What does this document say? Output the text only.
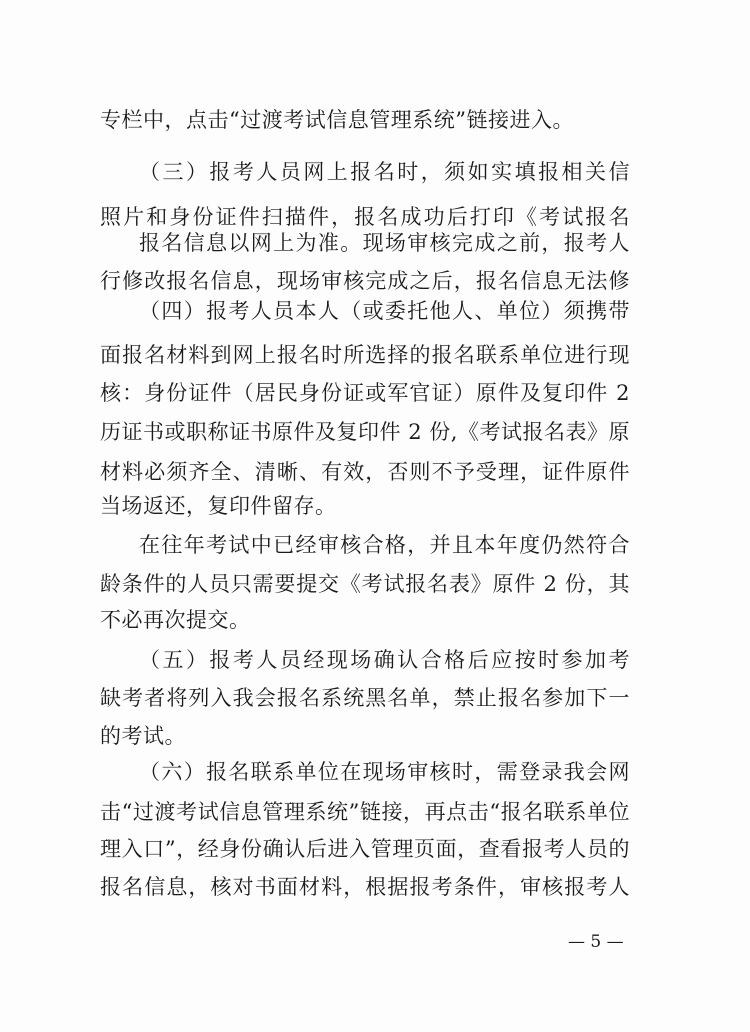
专栏中，点击“过渡考试信息管理系统”链接进入。
（三）报考人员网上报名时，须如实填报相关信
照片和身份证件扫描件，报名成功后打印《考试报名
报名信息以网上为准。现场审核完成之前，报考人
行修改报名信息，现场审核完成之后，报名信息无法修
（四）报考人员本人（或委托他人、单位）须携带
面报名材料到网上报名时所选择的报名联系单位进行现
核：身份证件（居民身份证或军官证）原件及复印件 2
历证书或职称证书原件及复印件 2 份,《考试报名表》原
材料必须齐全、清晰、有效，否则不予受理，证件原件
当场返还，复印件留存。
在往年考试中已经审核合格，并且本年度仍然符合
龄条件的人员只需要提交《考试报名表》原件 2 份，其
不必再次提交。
（五）报考人员经现场确认合格后应按时参加考
缺考者将列入我会报名系统黑名单，禁止报名参加下一
的考试。
（六）报名联系单位在现场审核时，需登录我会网
击“过渡考试信息管理系统”链接，再点击“报名联系单位
理入口”，经身份确认后进入管理页面，查看报考人员的
报名信息，核对书面材料，根据报考条件，审核报考人
— 5 —
